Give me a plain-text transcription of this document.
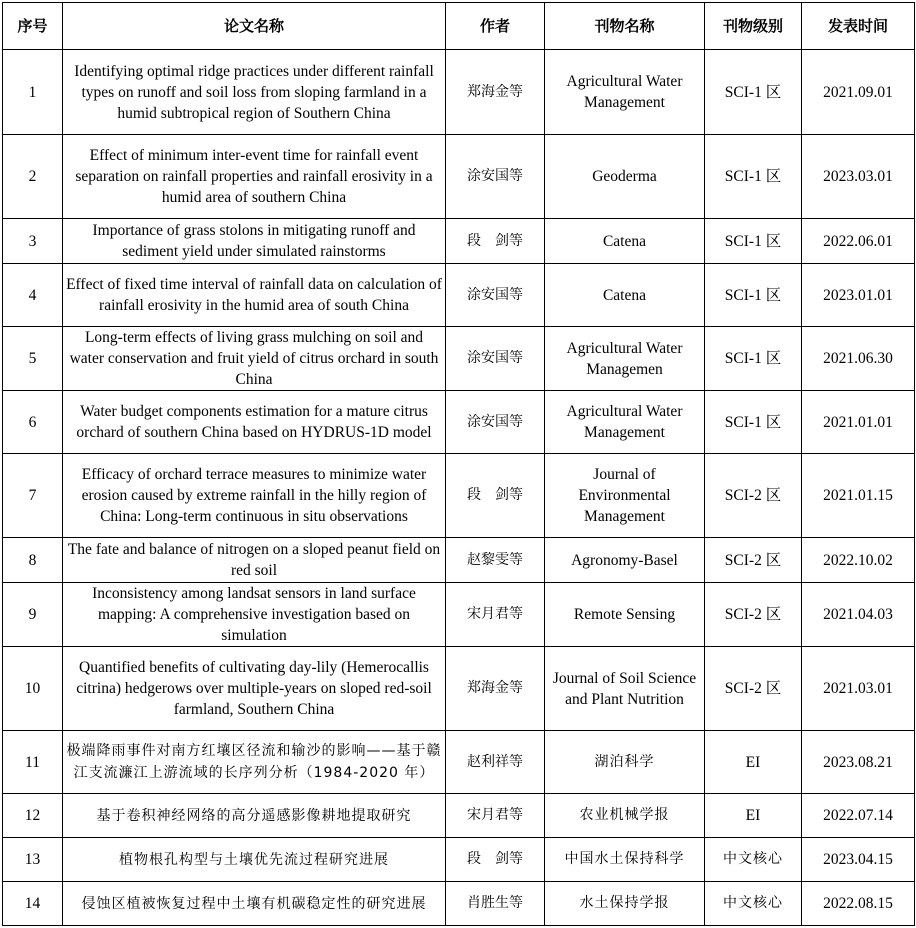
序号	论文名称	作者	刊物名称	刊物级别	发表时间
1	Identifying optimal ridge practices under different rainfall types on runoff and soil loss from sloping farmland in a humid subtropical region of Southern China	郑海金等	Agricultural Water Management	SCI-1 区	2021.09.01
2	Effect of minimum inter-event time for rainfall event separation on rainfall properties and rainfall erosivity in a humid area of southern China	涂安国等	Geoderma	SCI-1 区	2023.03.01
3	Importance of grass stolons in mitigating runoff and sediment yield under simulated rainstorms	段　剑等	Catena	SCI-1 区	2022.06.01
4	Effect of fixed time interval of rainfall data on calculation of rainfall erosivity in the humid area of south China	涂安国等	Catena	SCI-1 区	2023.01.01
5	Long-term effects of living grass mulching on soil and water conservation and fruit yield of citrus orchard in south China	涂安国等	Agricultural Water Managemen	SCI-1 区	2021.06.30
6	Water budget components estimation for a mature citrus orchard of southern China based on HYDRUS-1D model	涂安国等	Agricultural Water Management	SCI-1 区	2021.01.01
7	Efficacy of orchard terrace measures to minimize water erosion caused by extreme rainfall in the hilly region of China: Long-term continuous in situ observations	段　剑等	Journal of Environmental Management	SCI-2 区	2021.01.15
8	The fate and balance of nitrogen on a sloped peanut field on red soil	赵黎雯等	Agronomy-Basel	SCI-2 区	2022.10.02
9	Inconsistency among landsat sensors in land surface mapping: A comprehensive investigation based on simulation	宋月君等	Remote Sensing	SCI-2 区	2021.04.03
10	Quantified benefits of cultivating day-lily (Hemerocallis citrina) hedgerows over multiple-years on sloped red-soil farmland, Southern China	郑海金等	Journal of Soil Science and Plant Nutrition	SCI-2 区	2021.03.01
11	极端降雨事件对南方红壤区径流和输沙的影响——基于赣江支流濂江上游流域的长序列分析（1984-2020 年）	赵利祥等	湖泊科学	EI	2023.08.21
12	基于卷积神经网络的高分遥感影像耕地提取研究	宋月君等	农业机械学报	EI	2022.07.14
13	植物根孔构型与土壤优先流过程研究进展	段　剑等	中国水土保持科学	中文核心	2023.04.15
14	侵蚀区植被恢复过程中土壤有机碳稳定性的研究进展	肖胜生等	水土保持学报	中文核心	2022.08.15
